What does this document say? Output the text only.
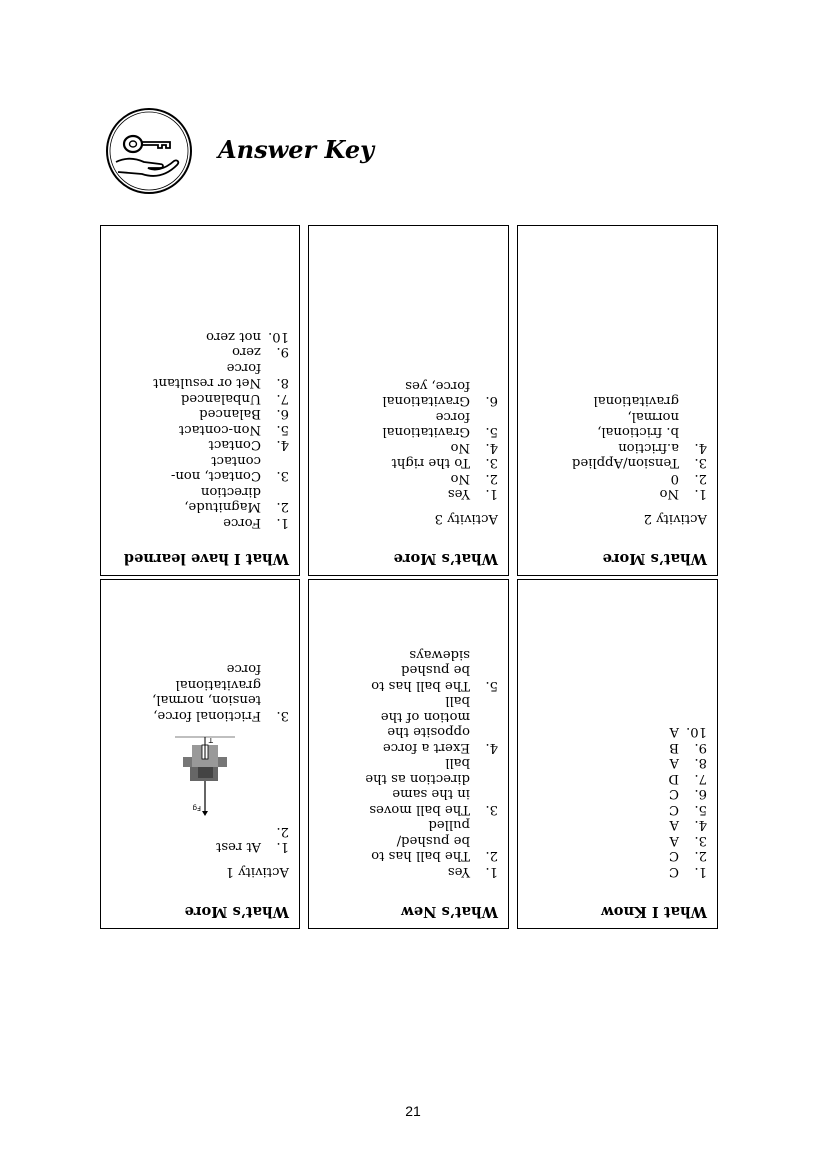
Answer Key

What I have learned

1.
Force
2.
Magnitude,
direction
3.
Contact, non-
contact
4.
Contact
5.
Non-contact
6.
Balanced
7.
Unbalanced
8.
Net or resultant
force
9.
zero
10.
not zero

What’s More

Activity 3

1.
Yes
2.
No
3.
To the right
4.
No
5.
Gravitational
force
6.
Gravitational
force, yes

What’s More

Activity 2

1.
No
2.
0
3.
Tension/Applied
4.
a.friction
b. frictional,
normal,
gravitational

What’s More

Activity 1

1.
At rest
2.
Fg
T
3.
Frictional force,
tension, normal,
gravitational
force

What’s New

1.
Yes
2.
The ball has to
be pushed/
pulled
3.
The ball moves
in the same
direction as the
ball
4.
Exert a force
opposite the
motion of the
ball
5.
The ball has to
be pushed
sideways

What I Know

1.
C
2.
C
3.
A
4.
A
5.
C
6.
C
7.
D
8.
A
9.
B
10.
A
21
